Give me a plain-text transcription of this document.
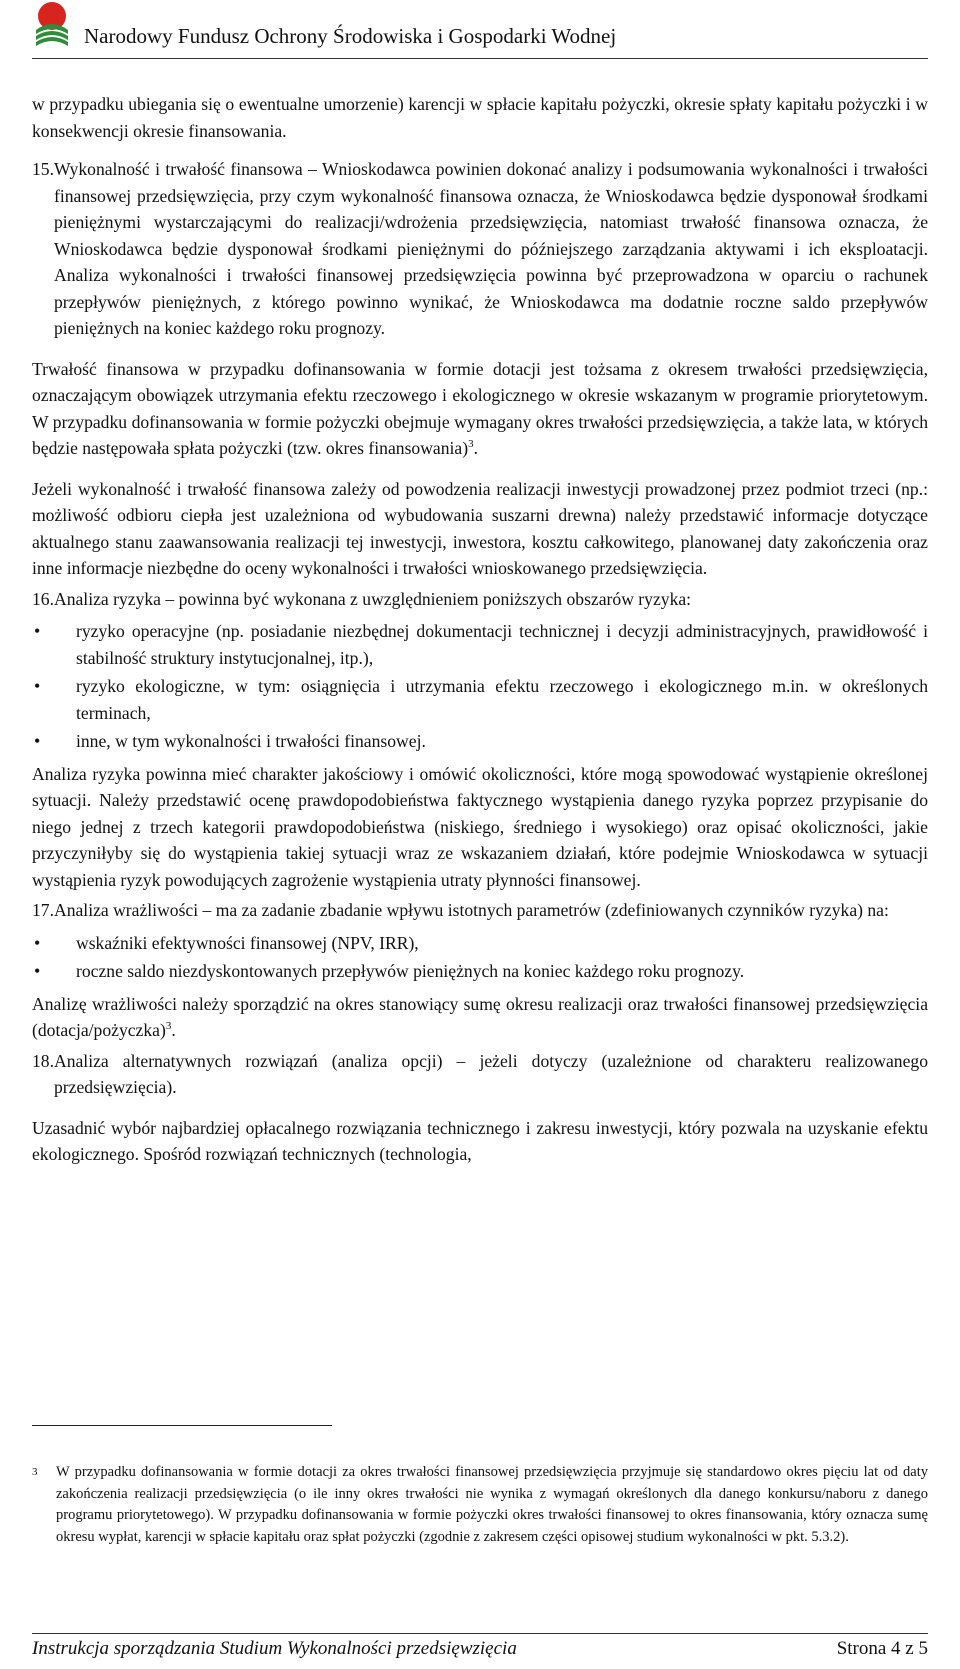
Narodowy Fundusz Ochrony Środowiska i Gospodarki Wodnej

w przypadku ubiegania się o ewentualne umorzenie) karencji w spłacie kapitału pożyczki, okresie spłaty kapitału pożyczki i w konsekwencji okresie finansowania.

15. Wykonalność i trwałość finansowa – Wnioskodawca powinien dokonać analizy i podsumowania wykonalności i trwałości finansowej przedsięwzięcia, przy czym wykonalność finansowa oznacza, że Wnioskodawca będzie dysponował środkami pieniężnymi wystarczającymi do realizacji/wdrożenia przedsięwzięcia, natomiast trwałość finansowa oznacza, że Wnioskodawca będzie dysponował środkami pieniężnymi do późniejszego zarządzania aktywami i ich eksploatacji. Analiza wykonalności i trwałości finansowej przedsięwzięcia powinna być przeprowadzona w oparciu o rachunek przepływów pieniężnych, z którego powinno wynikać, że Wnioskodawca ma dodatnie roczne saldo przepływów pieniężnych na koniec każdego roku prognozy.

Trwałość finansowa w przypadku dofinansowania w formie dotacji jest tożsama z okresem trwałości przedsięwzięcia, oznaczającym obowiązek utrzymania efektu rzeczowego i ekologicznego w okresie wskazanym w programie priorytetowym. W przypadku dofinansowania w formie pożyczki obejmuje wymagany okres trwałości przedsięwzięcia, a także lata, w których będzie następowała spłata pożyczki (tzw. okres finansowania)$^3$.

Jeżeli wykonalność i trwałość finansowa zależy od powodzenia realizacji inwestycji prowadzonej przez podmiot trzeci (np.: możliwość odbioru ciepła jest uzależniona od wybudowania suszarni drewna) należy przedstawić informacje dotyczące aktualnego stanu zaawansowania realizacji tej inwestycji, inwestora, kosztu całkowitego, planowanej daty zakończenia oraz inne informacje niezbędne do oceny wykonalności i trwałości wnioskowanego przedsięwzięcia.

16. Analiza ryzyka – powinna być wykonana z uwzględnieniem poniższych obszarów ryzyka:
•	ryzyko operacyjne (np. posiadanie niezbędnej dokumentacji technicznej i decyzji administracyjnych, prawidłowość i stabilność struktury instytucjonalnej, itp.),
•	ryzyko ekologiczne, w tym: osiągnięcia i utrzymania efektu rzeczowego i ekologicznego m.in. w określonych terminach,
•	inne, w tym wykonalności i trwałości finansowej.

Analiza ryzyka powinna mieć charakter jakościowy i omówić okoliczności, które mogą spowodować wystąpienie określonej sytuacji. Należy przedstawić ocenę prawdopodobieństwa faktycznego wystąpienia danego ryzyka poprzez przypisanie do niego jednej z trzech kategorii prawdopodobieństwa (niskiego, średniego i wysokiego) oraz opisać okoliczności, jakie przyczyniłyby się do wystąpienia takiej sytuacji wraz ze wskazaniem działań, które podejmie Wnioskodawca w sytuacji wystąpienia ryzyk powodujących zagrożenie wystąpienia utraty płynności finansowej.

17. Analiza wrażliwości – ma za zadanie zbadanie wpływu istotnych parametrów (zdefiniowanych czynników ryzyka) na:
•	wskaźniki efektywności finansowej (NPV, IRR),
•	roczne saldo niezdyskontowanych przepływów pieniężnych na koniec każdego roku prognozy.

Analizę wrażliwości należy sporządzić na okres stanowiący sumę okresu realizacji oraz trwałości finansowej przedsięwzięcia (dotacja/pożyczka)$^3$.

18. Analiza alternatywnych rozwiązań (analiza opcji) – jeżeli dotyczy (uzależnione od charakteru realizowanego przedsięwzięcia).

Uzasadnić wybór najbardziej opłacalnego rozwiązania technicznego i zakresu inwestycji, który pozwala na uzyskanie efektu ekologicznego. Spośród rozwiązań technicznych (technologia,

3	W przypadku dofinansowania w formie dotacji za okres trwałości finansowej przedsięwzięcia przyjmuje się standardowo okres pięciu lat od daty zakończenia realizacji przedsięwzięcia (o ile inny okres trwałości nie wynika z wymagań określonych dla danego konkursu/naboru z danego programu priorytetowego). W przypadku dofinansowania w formie pożyczki okres trwałości finansowej to okres finansowania, który oznacza sumę okresu wypłat, karencji w spłacie kapitału oraz spłat pożyczki (zgodnie z zakresem części opisowej studium wykonalności w pkt. 5.3.2).
Instrukcja sporządzania Studium Wykonalności przedsięwzięcia	Strona 4 z 5
